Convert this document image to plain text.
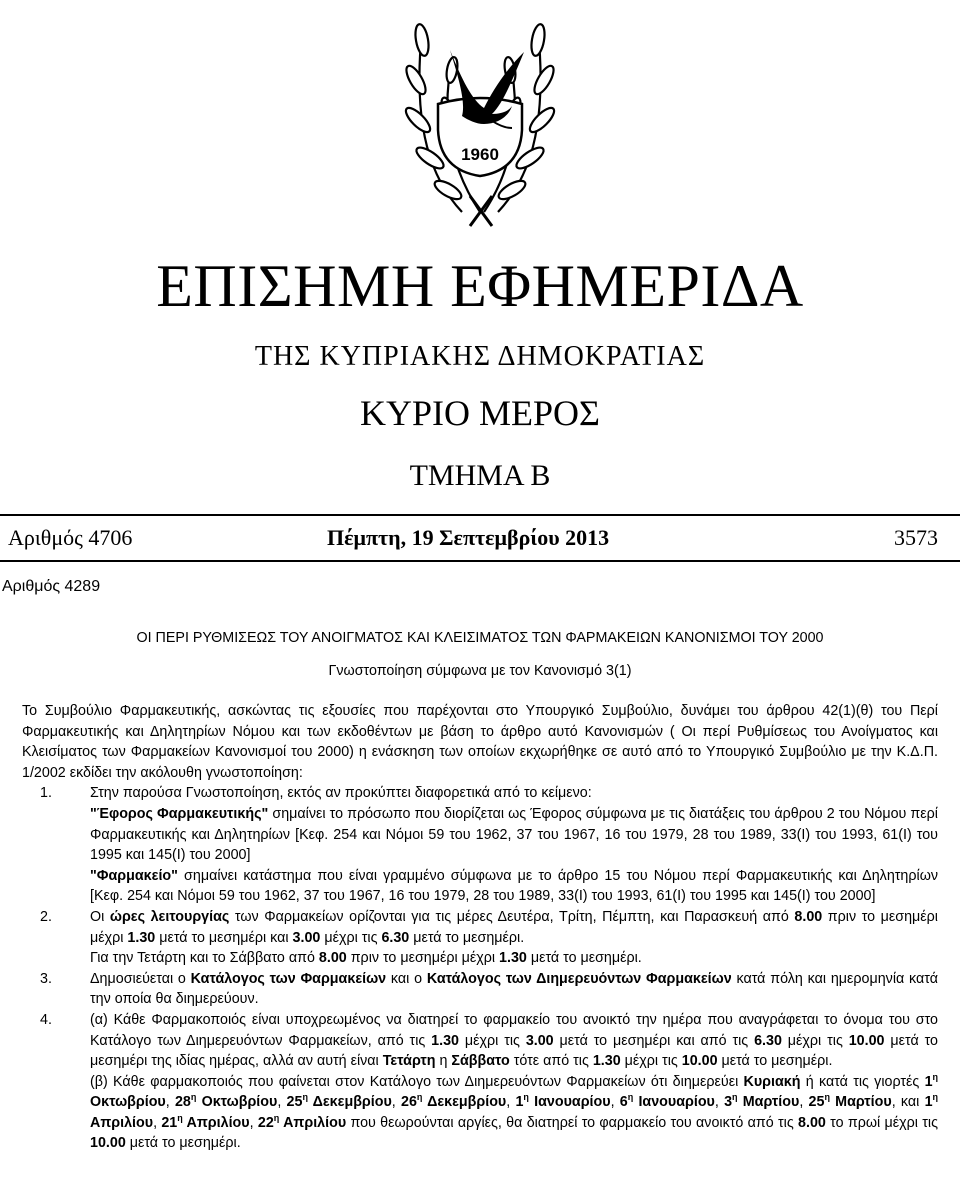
1960
ΕΠΙΣΗΜΗ ΕΦΗΜΕΡΙΔΑ
ΤΗΣ ΚΥΠΡΙΑΚΗΣ ΔΗΜΟΚΡΑΤΙΑΣ
ΚΥΡΙΟ ΜΕΡΟΣ
ΤΜΗΜΑ Β
Αριθμός 4706	Πέμπτη, 19 Σεπτεμβρίου 2013	3573
Αριθμός 4289
ΟΙ ΠΕΡΙ ΡΥΘΜΙΣΕΩΣ ΤΟΥ ΑΝΟΙΓΜΑΤΟΣ ΚΑΙ ΚΛΕΙΣΙΜΑΤΟΣ ΤΩΝ ΦΑΡΜΑΚΕΙΩΝ ΚΑΝΟΝΙΣΜΟΙ ΤΟΥ 2000
Γνωστοποίηση σύμφωνα με τον Κανονισμό 3(1)

Το Συμβούλιο Φαρμακευτικής, ασκώντας τις εξουσίες που παρέχονται στο Υπουργικό Συμβούλιο, δυνάμει του άρθρου 42(1)(θ) του Περί Φαρμακευτικής και Δηλητηρίων Νόμου και των εκδοθέντων με βάση το άρθρο αυτό Κανονισμών ( Οι περί Ρυθμίσεως του Ανοίγματος και Κλεισίματος των Φαρμακείων Κανονισμοί του 2000) η ενάσκηση των οποίων εκχωρήθηκε σε αυτό από το Υπουργικό Συμβούλιο με την Κ.Δ.Π. 1/2002 εκδίδει την ακόλουθη γνωστοποίηση:

1.	Στην παρούσα Γνωστοποίηση, εκτός αν προκύπτει διαφορετικά από το κείμενο:

"Έφορος Φαρμακευτικής" σημαίνει το πρόσωπο που διορίζεται ως Έφορος σύμφωνα με τις διατάξεις του άρθρου 2 του Νόμου περί Φαρμακευτικής και Δηλητηρίων [Κεφ. 254 και Νόμοι 59 του 1962, 37 του 1967, 16 του 1979, 28 του 1989, 33(Ι) του 1993, 61(Ι) του 1995 και 145(Ι) του 2000]

"Φαρμακείο" σημαίνει κατάστημα που είναι γραμμένο σύμφωνα με το άρθρο 15 του Νόμου περί Φαρμακευτικής και Δηλητηρίων [Κεφ. 254 και Νόμοι 59 του 1962, 37 του 1967, 16 του 1979, 28 του 1989, 33(Ι) του 1993, 61(Ι) του 1995 και 145(Ι) του 2000]

2.	Οι ώρες λειτουργίας των Φαρμακείων ορίζονται για τις μέρες Δευτέρα, Τρίτη, Πέμπτη, και Παρασκευή από 8.00 πριν το μεσημέρι μέχρι 1.30 μετά το μεσημέρι και 3.00 μέχρι τις 6.30 μετά το μεσημέρι.

Για την Τετάρτη και το Σάββατο από 8.00 πριν το μεσημέρι μέχρι 1.30 μετά το μεσημέρι.

3.	Δημοσιεύεται ο Κατάλογος των Φαρμακείων και ο Κατάλογος των Διημερευόντων Φαρμακείων κατά πόλη και ημερομηνία κατά την οποία θα διημερεύουν.

4.	(α) Κάθε Φαρμακοποιός είναι υποχρεωμένος να διατηρεί το φαρμακείο του ανοικτό την ημέρα που αναγράφεται το όνομα του στο Κατάλογο των Διημερευόντων Φαρμακείων, από τις 1.30 μέχρι τις 3.00 μετά το μεσημέρι και από τις 6.30 μέχρι τις 10.00 μετά το μεσημέρι της ιδίας ημέρας, αλλά αν αυτή είναι Τετάρτη η Σάββατο τότε από τις 1.30 μέχρι τις 10.00 μετά το μεσημέρι.

(β) Κάθε φαρμακοποιός που φαίνεται στον Κατάλογο των Διημερευόντων Φαρμακείων ότι διημερεύει Κυριακή ή κατά τις γιορτές $1^\eta$ Οκτωβρίου, $28^\eta$ Οκτωβρίου, $25^\eta$ Δεκεμβρίου, $26^\eta$ Δεκεμβρίου, $1^\eta$ Ιανουαρίου, $6^\eta$ Ιανουαρίου, $3^\eta$ Μαρτίου, $25^\eta$ Μαρτίου, και $1^\eta$ Απριλίου, $21^\eta$ Απριλίου, $22^\eta$ Απριλίου που θεωρούνται αργίες, θα διατηρεί το φαρμακείο του ανοικτό από τις 8.00 το πρωί μέχρι τις 10.00 μετά το μεσημέρι.
